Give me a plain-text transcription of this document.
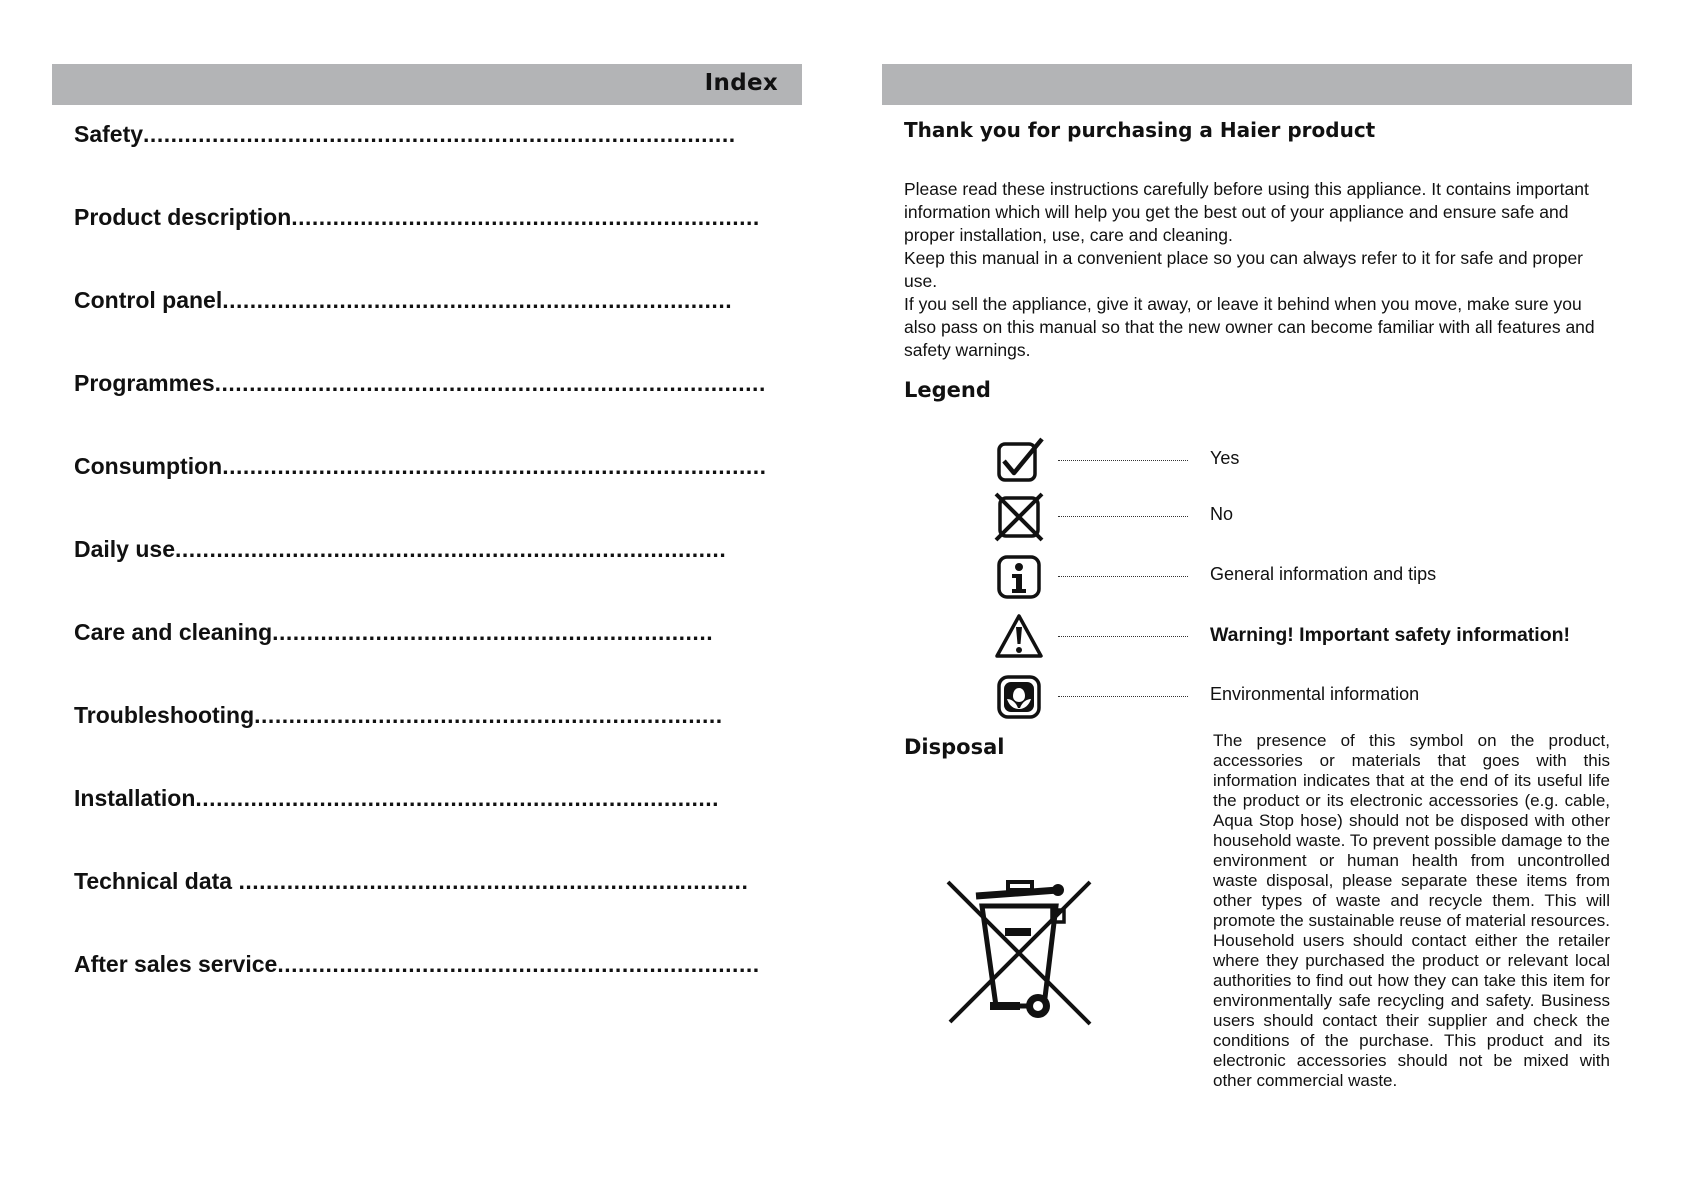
Index
Safety......................................................................................
Product description....................................................................
Control panel..........................................................................
Programmes................................................................................
Consumption...............................................................................
Daily use................................................................................
Care and cleaning................................................................
Troubleshooting....................................................................
Installation............................................................................
Technical data ..........................................................................
After sales service......................................................................
Thank you for purchasing a Haier product

Please read these instructions carefully before using this appliance. It contains important information which will help you get the best out of your appliance and ensure safe and proper installation, use, care and cleaning.

Keep this manual in a convenient place so you can always refer to it for safe and proper use.

If you sell the appliance, give it away, or leave it behind when you move, make sure you also pass on this manual so that the new owner can become familiar with all features and safety warnings.

Legend
Yes
No
General information and tips
Warning! Important safety information!
Environmental information
Disposal	The presence of this symbol on the product, accessories or materials that goes with this information indicates that at the end of its useful life the product or its electronic accessories (e.g. cable, Aqua Stop hose) should not be disposed with other household waste. To prevent possible damage to the environment or human health from uncontrolled waste disposal, please separate these items from other types of waste and recycle them. This will promote the sustainable reuse of material resources. Household users should contact either the retailer where they purchased the product or relevant local authorities to find out how they can take this item for environmentally safe recycling and safety. Business users should contact their supplier and check the conditions of the purchase. This product and its electronic accessories should not be mixed with other commercial waste.
